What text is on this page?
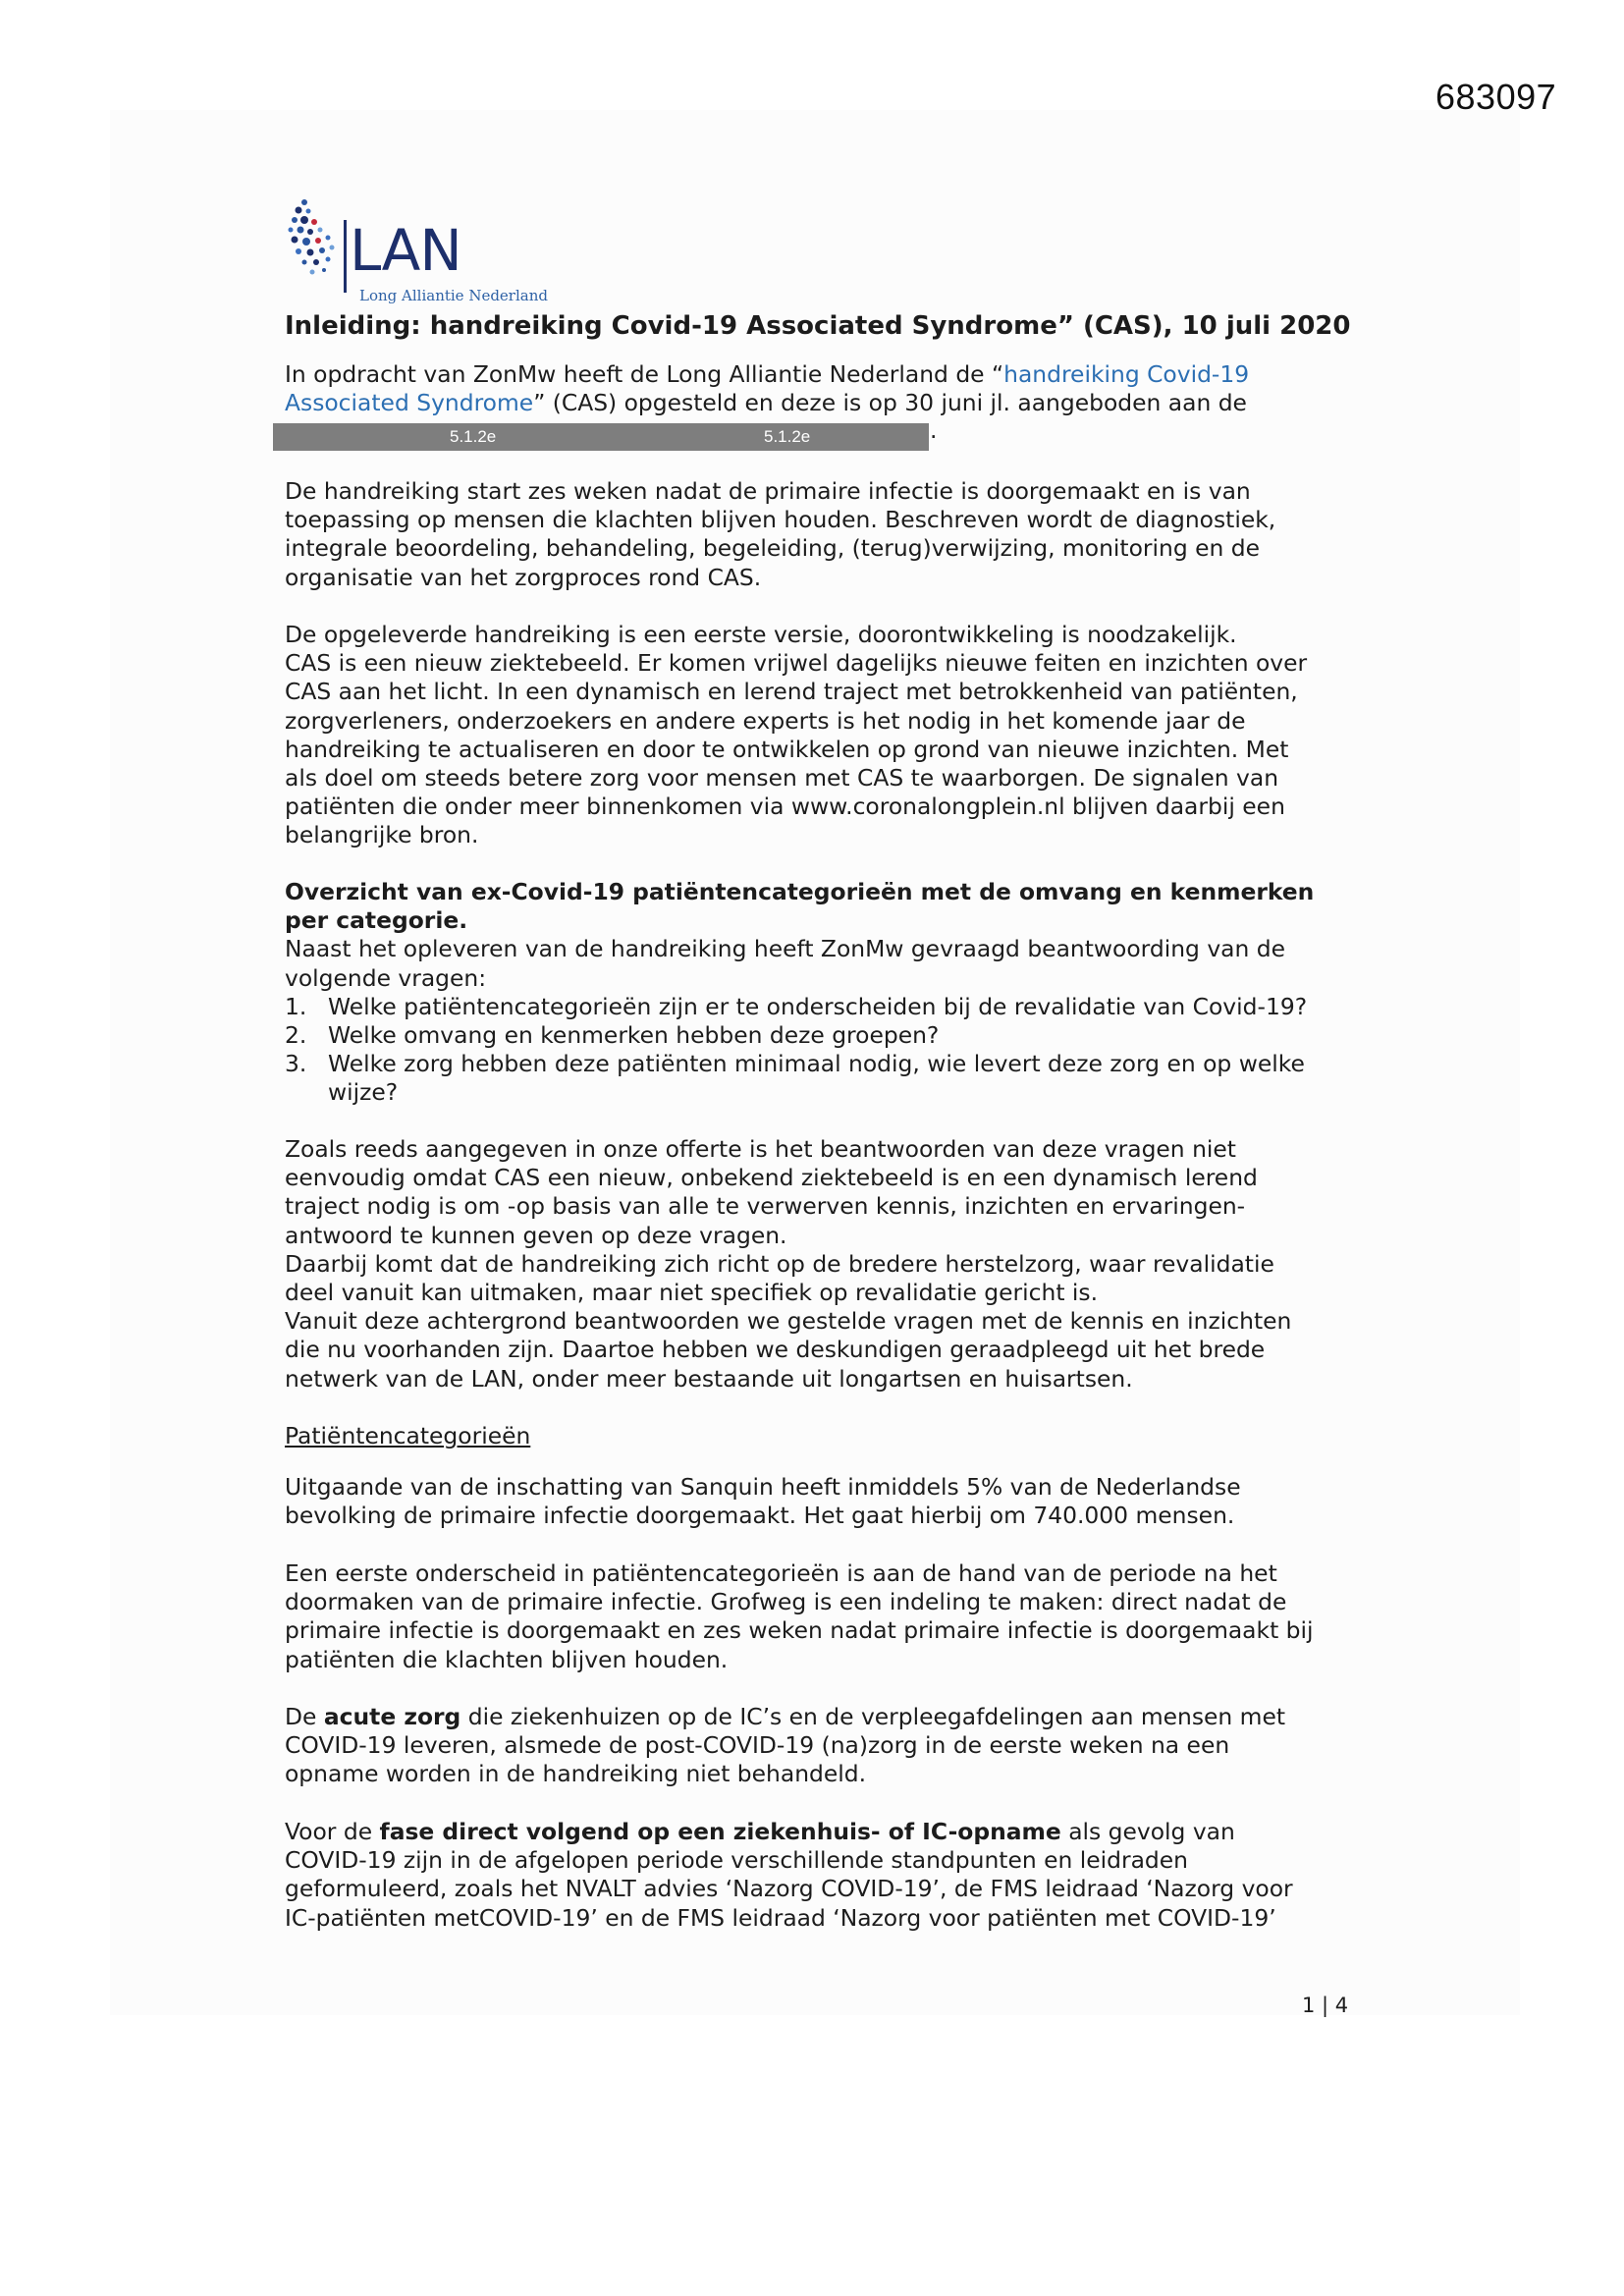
683097
LAN
Long Alliantie Nederland
Inleiding: handreiking Covid-19 Associated Syndrome” (CAS), 10 juli 2020
In opdracht van ZonMw heeft de Long Alliantie Nederland de “handreiking Covid-19
Associated Syndrome” (CAS) opgesteld en deze is op 30 juni jl. aangeboden aan de
5.1.2e	5.1.2e	.
De handreiking start zes weken nadat de primaire infectie is doorgemaakt en is van
toepassing op mensen die klachten blijven houden. Beschreven wordt de diagnostiek,
integrale beoordeling, behandeling, begeleiding, (terug)verwijzing, monitoring en de
organisatie van het zorgproces rond CAS.
De opgeleverde handreiking is een eerste versie, doorontwikkeling is noodzakelijk.
CAS is een nieuw ziektebeeld. Er komen vrijwel dagelijks nieuwe feiten en inzichten over
CAS aan het licht. In een dynamisch en lerend traject met betrokkenheid van patiënten,
zorgverleners, onderzoekers en andere experts is het nodig in het komende jaar de
handreiking te actualiseren en door te ontwikkelen op grond van nieuwe inzichten. Met
als doel om steeds betere zorg voor mensen met CAS te waarborgen. De signalen van
patiënten die onder meer binnenkomen via www.coronalongplein.nl blijven daarbij een
belangrijke bron.
Overzicht van ex-Covid-19 patiëntencategorieën met de omvang en kenmerken
per categorie.
Naast het opleveren van de handreiking heeft ZonMw gevraagd beantwoording van de
volgende vragen:
1. Welke patiëntencategorieën zijn er te onderscheiden bij de revalidatie van Covid-19?
2. Welke omvang en kenmerken hebben deze groepen?
3. Welke zorg hebben deze patiënten minimaal nodig, wie levert deze zorg en op welke
wijze?
Zoals reeds aangegeven in onze offerte is het beantwoorden van deze vragen niet
eenvoudig omdat CAS een nieuw, onbekend ziektebeeld is en een dynamisch lerend
traject nodig is om -op basis van alle te verwerven kennis, inzichten en ervaringen-
antwoord te kunnen geven op deze vragen.
Daarbij komt dat de handreiking zich richt op de bredere herstelzorg, waar revalidatie
deel vanuit kan uitmaken, maar niet specifiek op revalidatie gericht is.
Vanuit deze achtergrond beantwoorden we gestelde vragen met de kennis en inzichten
die nu voorhanden zijn. Daartoe hebben we deskundigen geraadpleegd uit het brede
netwerk van de LAN, onder meer bestaande uit longartsen en huisartsen.
Patiëntencategorieën
Uitgaande van de inschatting van Sanquin heeft inmiddels 5% van de Nederlandse
bevolking de primaire infectie doorgemaakt. Het gaat hierbij om 740.000 mensen.
Een eerste onderscheid in patiëntencategorieën is aan de hand van de periode na het
doormaken van de primaire infectie. Grofweg is een indeling te maken: direct nadat de
primaire infectie is doorgemaakt en zes weken nadat primaire infectie is doorgemaakt bij
patiënten die klachten blijven houden.
De acute zorg die ziekenhuizen op de IC’s en de verpleegafdelingen aan mensen met
COVID-19 leveren, alsmede de post-COVID-19 (na)zorg in de eerste weken na een
opname worden in de handreiking niet behandeld.
Voor de fase direct volgend op een ziekenhuis- of IC-opname als gevolg van
COVID-19 zijn in de afgelopen periode verschillende standpunten en leidraden
geformuleerd, zoals het NVALT advies ‘Nazorg COVID-19’, de FMS leidraad ‘Nazorg voor
IC-patiënten metCOVID-19’ en de FMS leidraad ‘Nazorg voor patiënten met COVID-19’
1 | 4
